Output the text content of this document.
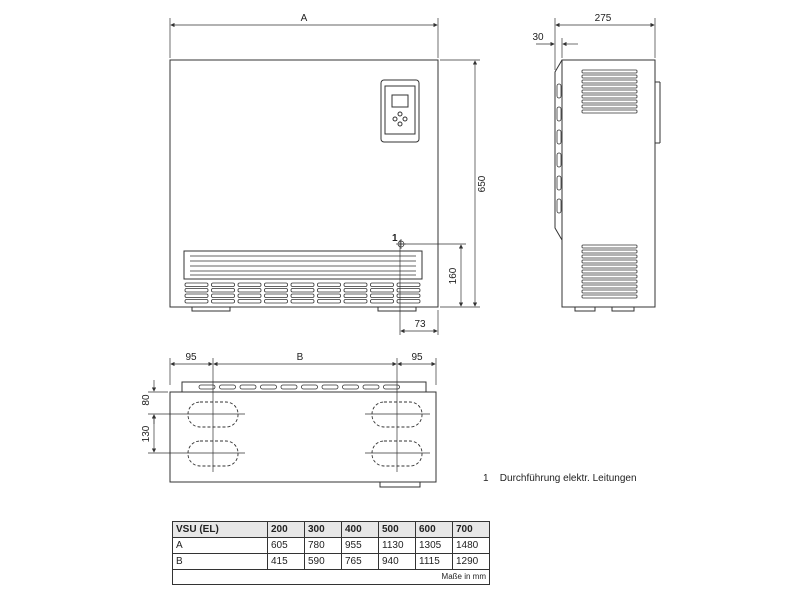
A
650
160
73
1
275
30
95	B	95
80
130
1 Durchführung elektr. Leitungen
VSU (EL)	200	300	400	500	600	700
A	605	780	955	1130	1305	1480
B	415	590	765	940	1115	1290
Maße in mm						
